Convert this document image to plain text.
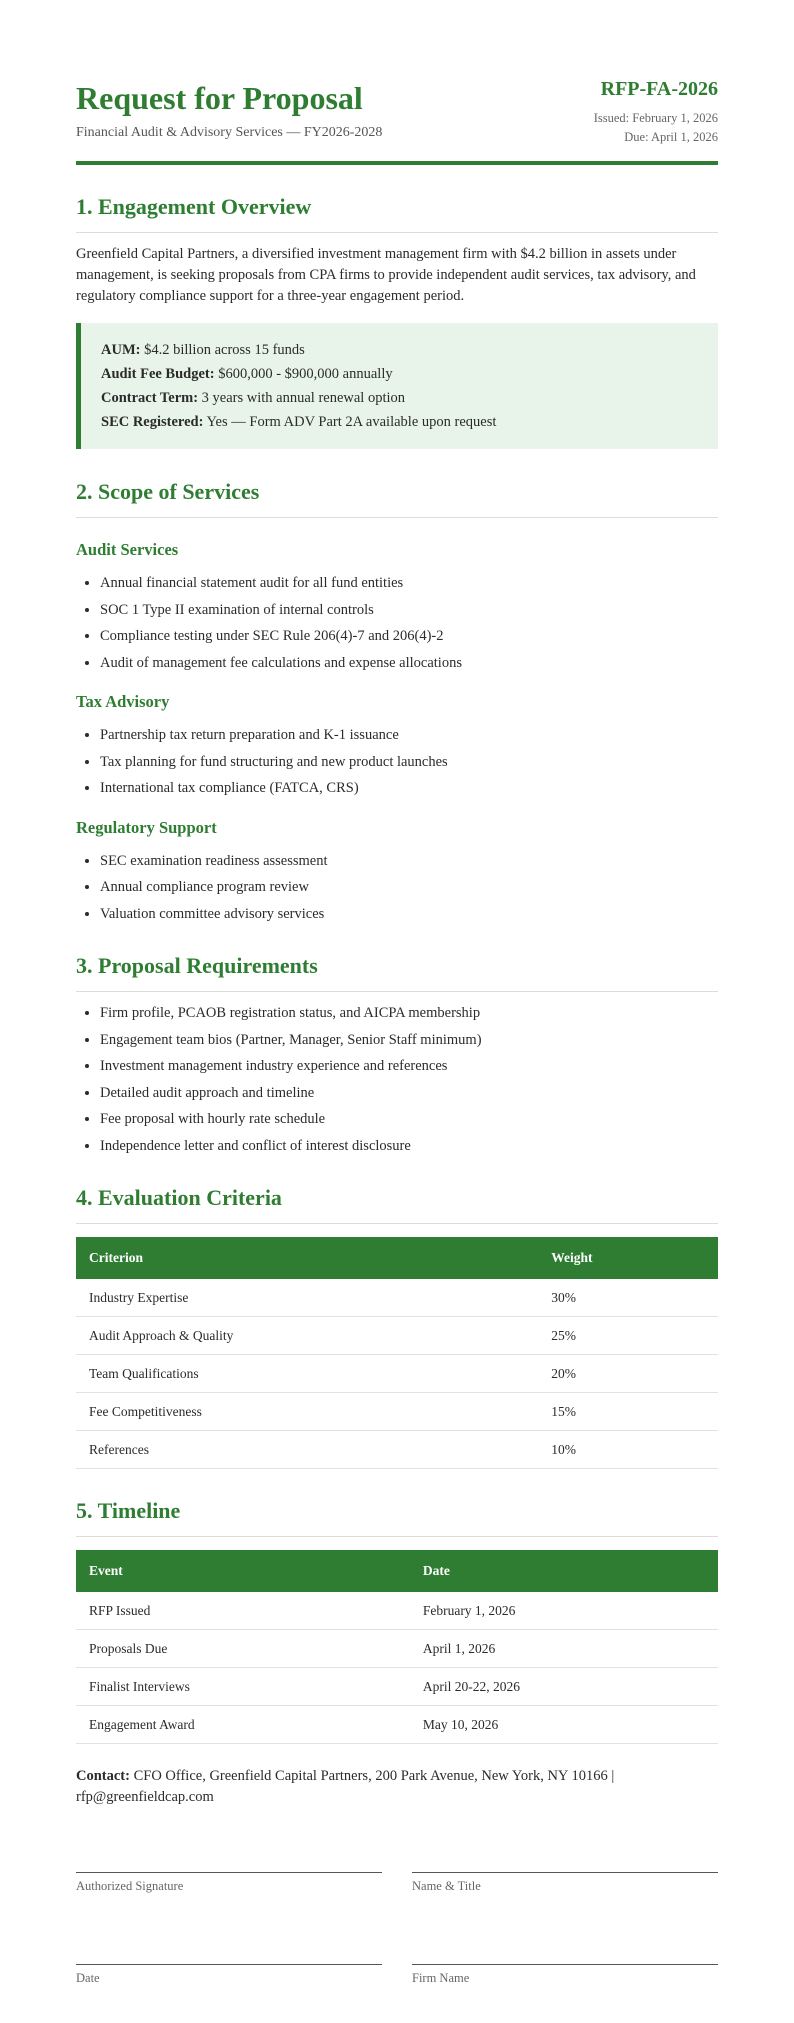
Request for Proposal
Financial Audit & Advisory Services — FY2026-2028
RFP-FA-2026
Issued: February 1, 2026
Due: April 1, 2026
1. Engagement Overview

Greenfield Capital Partners, a diversified investment management firm with $4.2 billion in assets under management, is seeking proposals from CPA firms to provide independent audit services, tax advisory, and regulatory compliance support for a three-year engagement period.

AUM: $4.2 billion across 15 funds
Audit Fee Budget: $600,000 - $900,000 annually
Contract Term: 3 years with annual renewal option
SEC Registered: Yes — Form ADV Part 2A available upon request
2. Scope of Services
Audit Services
• Annual financial statement audit for all fund entities
• SOC 1 Type II examination of internal controls
• Compliance testing under SEC Rule 206(4)-7 and 206(4)-2
• Audit of management fee calculations and expense allocations
Tax Advisory
• Partnership tax return preparation and K-1 issuance
• Tax planning for fund structuring and new product launches
• International tax compliance (FATCA, CRS)
Regulatory Support
• SEC examination readiness assessment
• Annual compliance program review
• Valuation committee advisory services
3. Proposal Requirements
• Firm profile, PCAOB registration status, and AICPA membership
• Engagement team bios (Partner, Manager, Senior Staff minimum)
• Investment management industry experience and references
• Detailed audit approach and timeline
• Fee proposal with hourly rate schedule
• Independence letter and conflict of interest disclosure
4. Evaluation Criteria
Criterion	Weight
Industry Expertise	30%
Audit Approach & Quality	25%
Team Qualifications	20%
Fee Competitiveness	15%
References	10%
5. Timeline
Event	Date
RFP Issued	February 1, 2026
Proposals Due	April 1, 2026
Finalist Interviews	April 20-22, 2026
Engagement Award	May 10, 2026
Contact: CFO Office, Greenfield Capital Partners, 200 Park Avenue, New York, NY 10166 | rfp@greenfieldcap.com
Authorized Signature	Name & Title
Date	Firm Name
